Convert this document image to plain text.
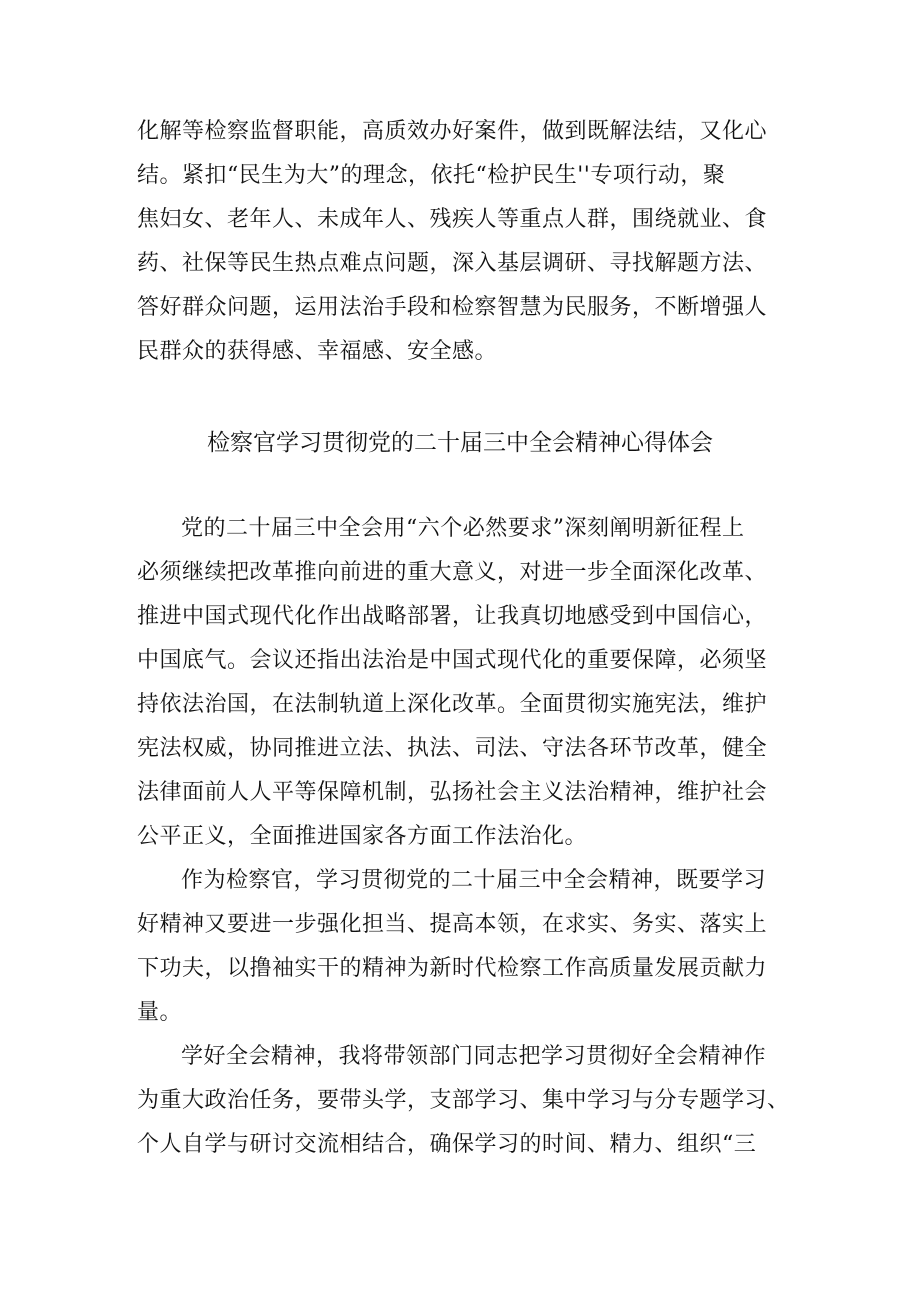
化解等检察监督职能，高质效办好案件，做到既解法结，又化心
结。紧扣“民生为大”的理念，依托“检护民生''专项行动，聚
焦妇女、老年人、未成年人、残疾人等重点人群，围绕就业、食
药、社保等民生热点难点问题，深入基层调研、寻找解题方法、
答好群众问题，运用法治手段和检察智慧为民服务，不断增强人
民群众的获得感、幸福感、安全感。
检察官学习贯彻党的二十届三中全会精神心得体会
党的二十届三中全会用“六个必然要求”深刻阐明新征程上
必须继续把改革推向前进的重大意义，对进一步全面深化改革、
推进中国式现代化作出战略部署，让我真切地感受到中国信心，
中国底气。会议还指出法治是中国式现代化的重要保障，必须坚
持依法治国，在法制轨道上深化改革。全面贯彻实施宪法，维护
宪法权威，协同推进立法、执法、司法、守法各环节改革，健全
法律面前人人平等保障机制，弘扬社会主义法治精神，维护社会
公平正义，全面推进国家各方面工作法治化。
作为检察官，学习贯彻党的二十届三中全会精神，既要学习
好精神又要进一步强化担当、提高本领，在求实、务实、落实上
下功夫，以撸袖实干的精神为新时代检察工作高质量发展贡献力
量。
学好全会精神，我将带领部门同志把学习贯彻好全会精神作
为重大政治任务，要带头学，支部学习、集中学习与分专题学习、
个人自学与研讨交流相结合，确保学习的时间、精力、组织“三
